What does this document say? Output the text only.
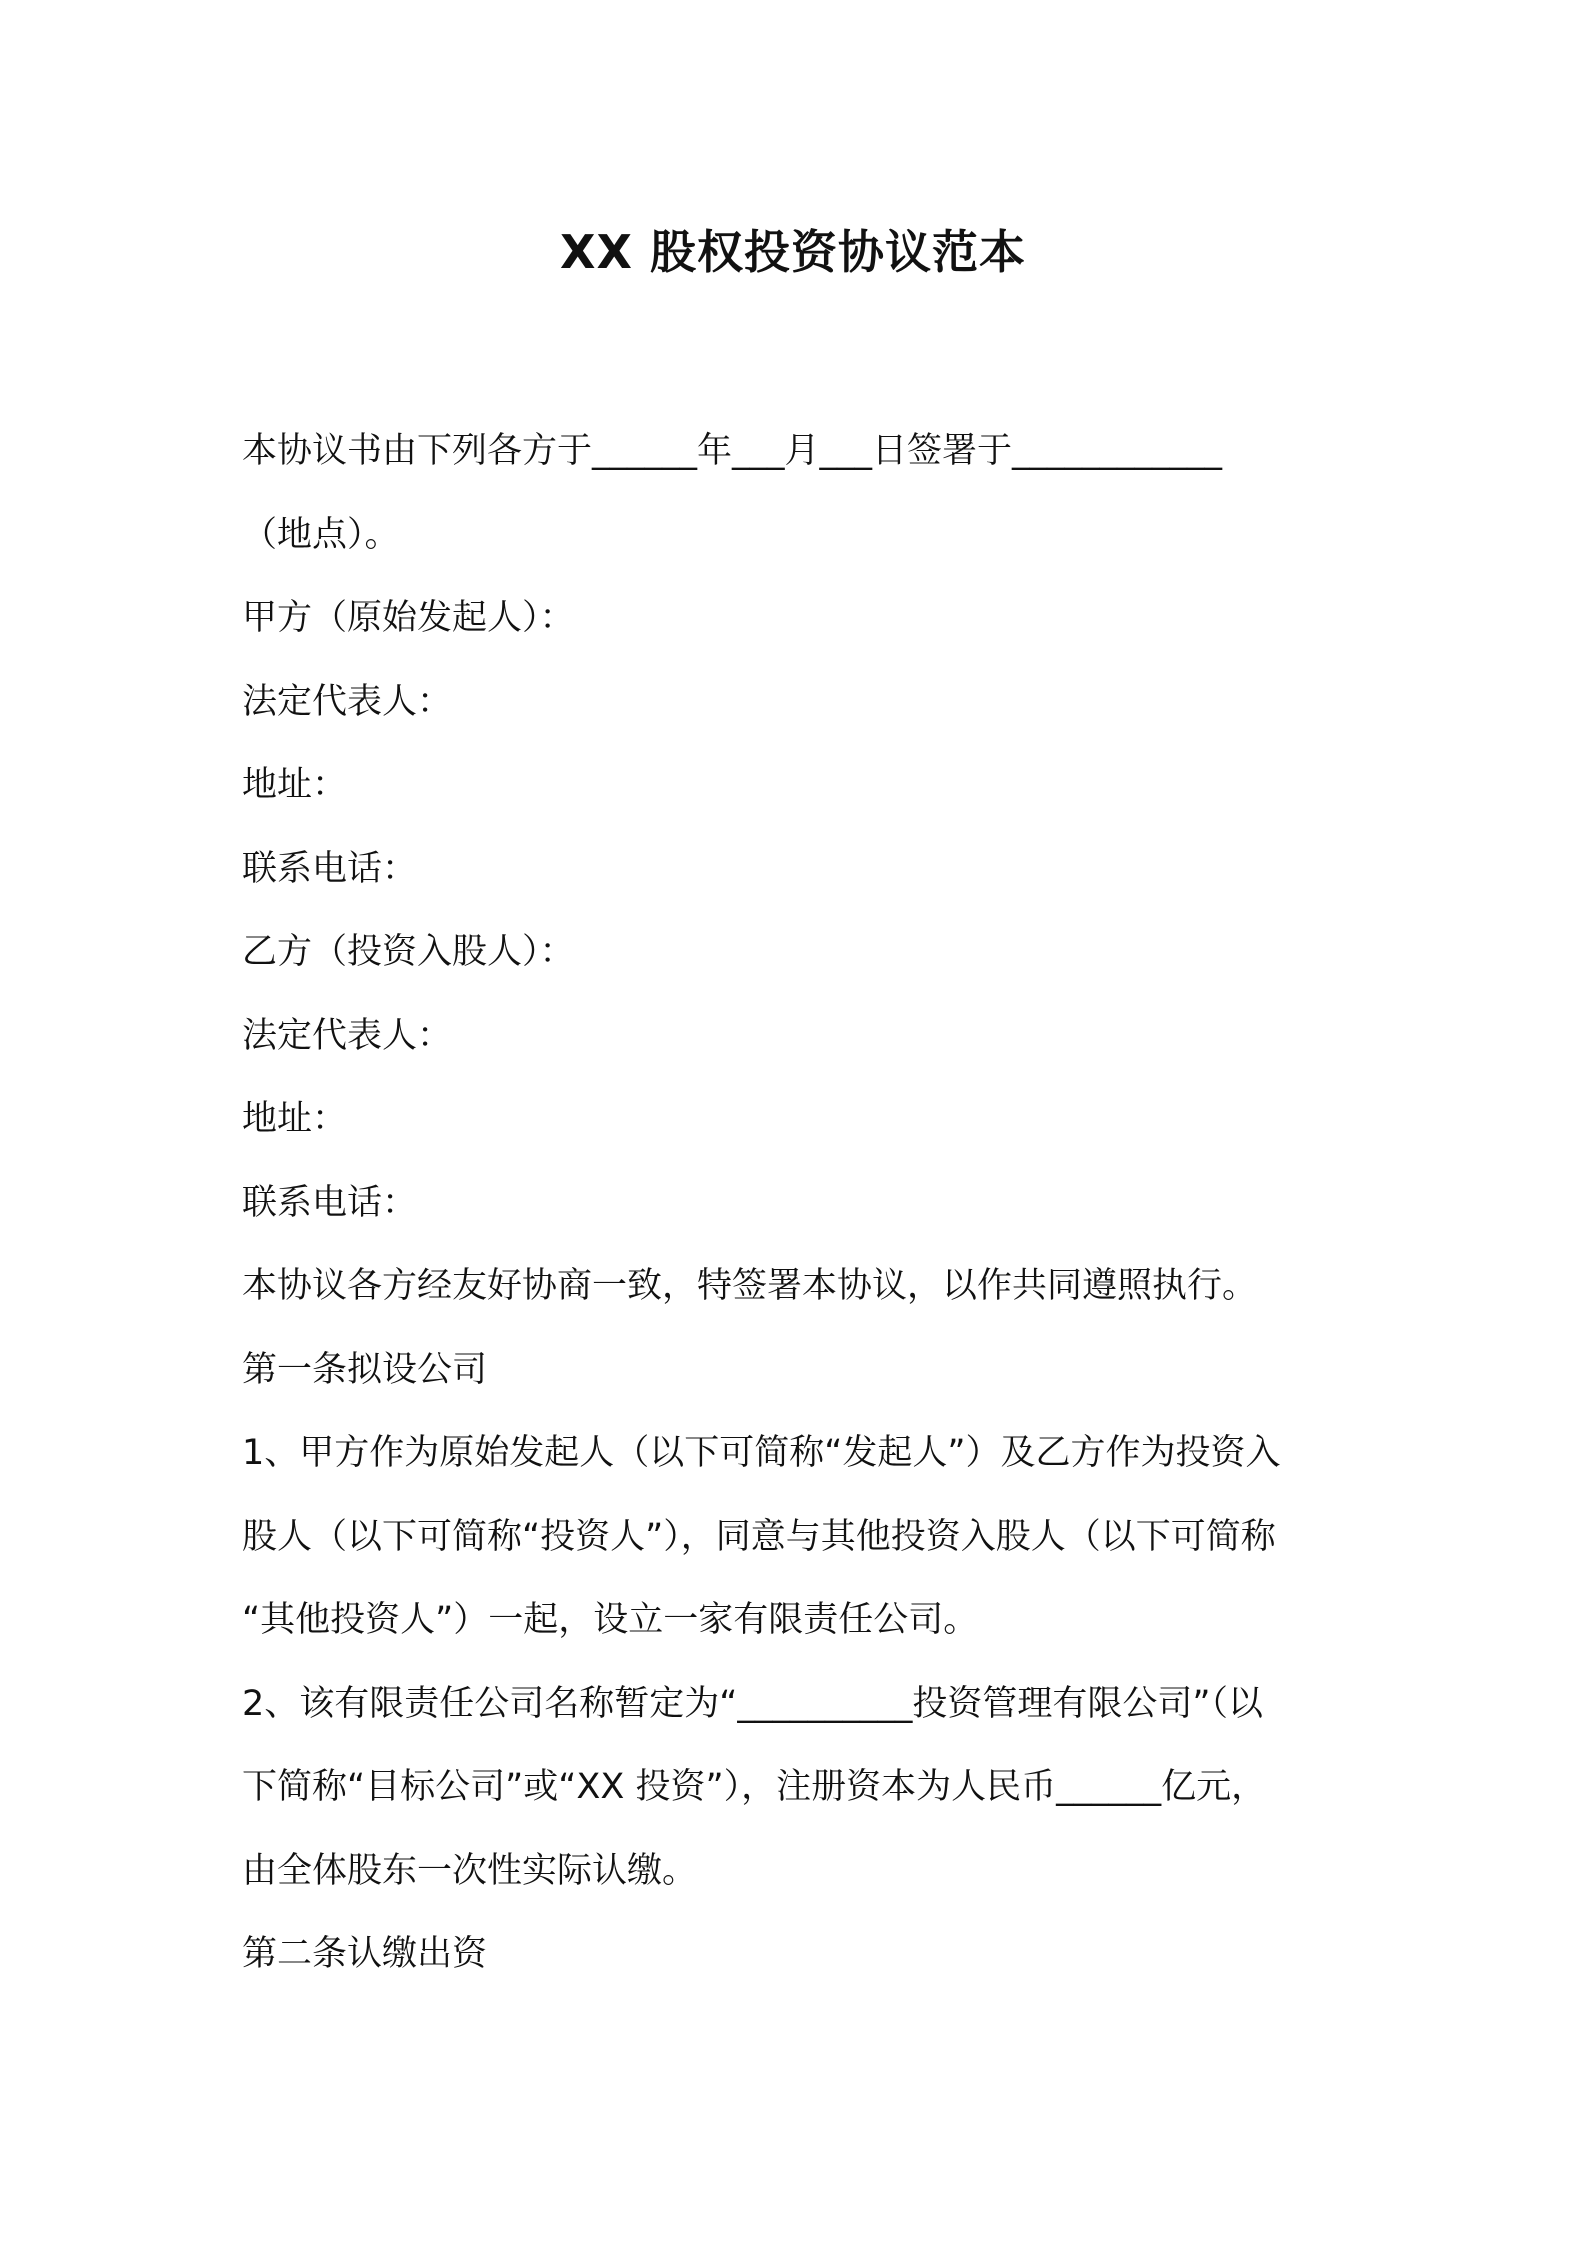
XX 股权投资协议范本
本协议书由下列各方于______年___月___日签署于____________
（地点）。
甲方（原始发起人）：
法定代表人：
地址：
联系电话：
乙方（投资入股人）：
法定代表人：
地址：
联系电话：
本协议各方经友好协商一致，特签署本协议，以作共同遵照执行。
第一条拟设公司
1、甲方作为原始发起人（以下可简称“发起人”）及乙方作为投资入
股人（以下可简称“投资人”），同意与其他投资入股人（以下可简称
“其他投资人”）一起，设立一家有限责任公司。
2、该有限责任公司名称暂定为“__________投资管理有限公司”（以
下简称“目标公司”或“XX 投资”），注册资本为人民币______亿元，
由全体股东一次性实际认缴。
第二条认缴出资
